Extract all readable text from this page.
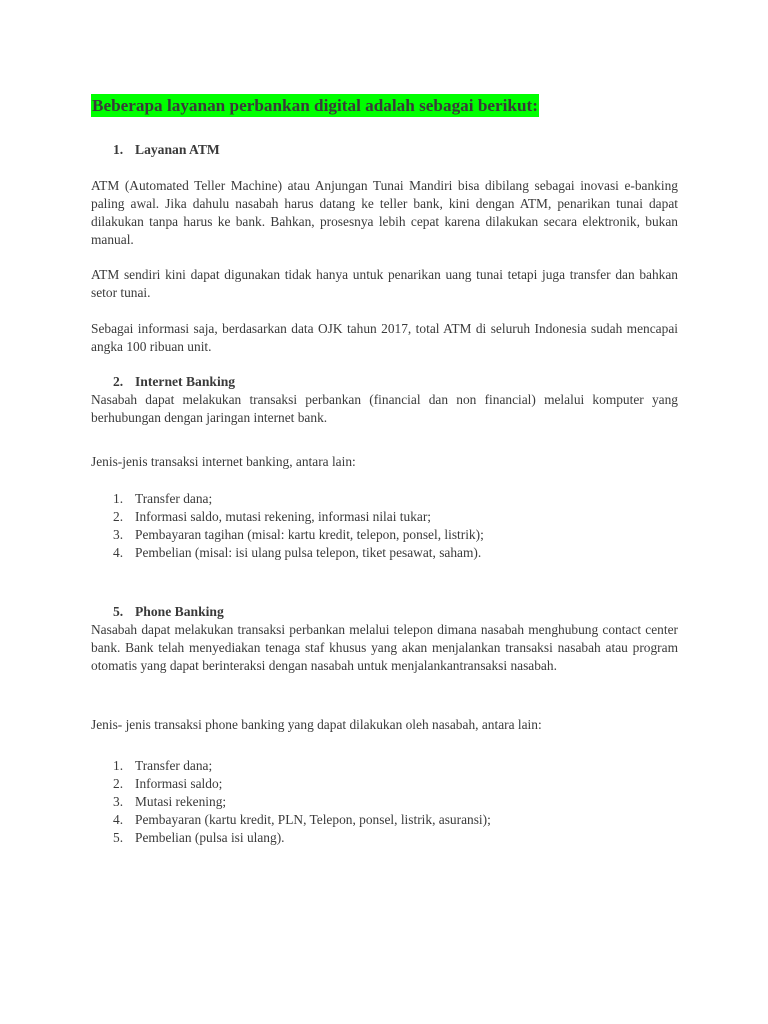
Beberapa layanan perbankan digital adalah sebagai berikut:
1. Layanan ATM
ATM (Automated Teller Machine) atau Anjungan Tunai Mandiri bisa dibilang sebagai inovasi e-banking paling awal. Jika dahulu nasabah harus datang ke teller bank, kini dengan ATM, penarikan tunai dapat dilakukan tanpa harus ke bank. Bahkan, prosesnya lebih cepat karena dilakukan secara elektronik, bukan manual.
ATM sendiri kini dapat digunakan tidak hanya untuk penarikan uang tunai tetapi juga transfer dan bahkan setor tunai.
Sebagai informasi saja, berdasarkan data OJK tahun 2017, total ATM di seluruh Indonesia sudah mencapai angka 100 ribuan unit.
2. Internet Banking
Nasabah dapat melakukan transaksi perbankan (financial dan non financial) melalui komputer yang berhubungan dengan jaringan internet bank.
Jenis-jenis transaksi internet banking, antara lain:
1. Transfer dana;
2. Informasi saldo, mutasi rekening, informasi nilai tukar;
3. Pembayaran tagihan (misal: kartu kredit, telepon, ponsel, listrik);
4. Pembelian (misal: isi ulang pulsa telepon, tiket pesawat, saham).
5. Phone Banking
Nasabah dapat melakukan transaksi perbankan melalui telepon dimana nasabah menghubung contact center bank. Bank telah menyediakan tenaga staf khusus yang akan menjalankan transaksi nasabah atau program otomatis yang dapat berinteraksi dengan nasabah untuk menjalankantransaksi nasabah.
Jenis- jenis transaksi phone banking yang dapat dilakukan oleh nasabah, antara lain:
1. Transfer dana;
2. Informasi saldo;
3. Mutasi rekening;
4. Pembayaran (kartu kredit, PLN, Telepon, ponsel, listrik, asuransi);
5. Pembelian (pulsa isi ulang).
